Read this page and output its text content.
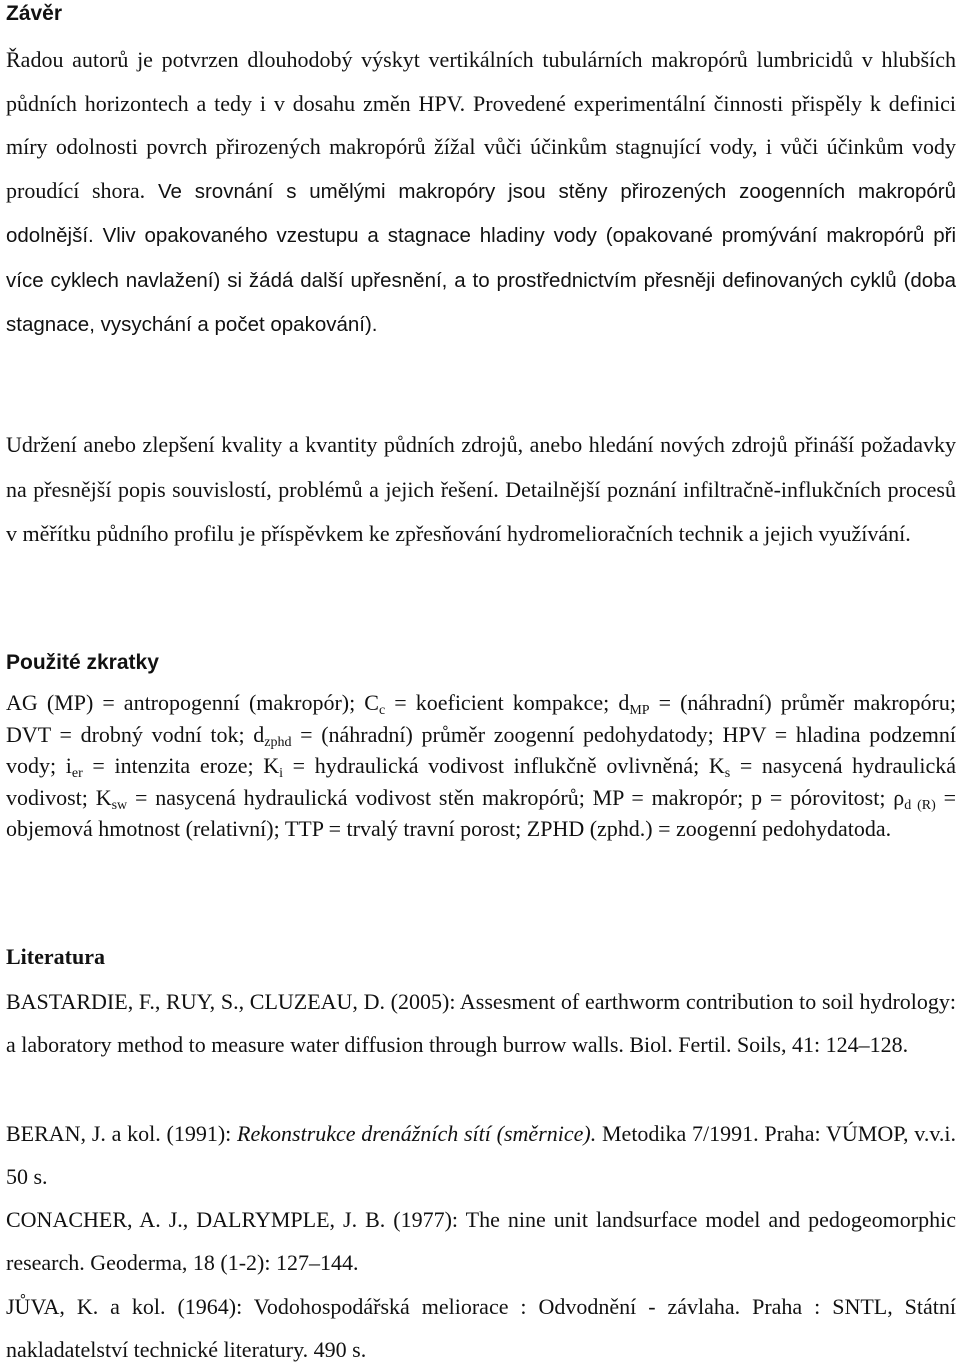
Závěr
Řadou autorů je potvrzen dlouhodobý výskyt vertikálních tubulárních makropórů lumbricidů v hlubších půdních horizontech a tedy i v dosahu změn HPV. Provedené experimentální činnosti přispěly k definici míry odolnosti povrch přirozených makropórů žížal vůči účinkům stagnující vody, i vůči účinkům vody proudící shora. Ve srovnání s umělými makropóry jsou stěny přirozených zoogenních makropórů odolnější. Vliv opakovaného vzestupu a stagnace hladiny vody (opakované promývání makropórů při více cyklech navlažení) si žádá další upřesnění, a to prostřednictvím přesněji definovaných cyklů (doba stagnace, vysychání a počet opakování).
Udržení anebo zlepšení kvality a kvantity půdních zdrojů, anebo hledání nových zdrojů přináší požadavky na přesnější popis souvislostí, problémů a jejich řešení. Detailnější poznání infiltračně-influkčních procesů v měřítku půdního profilu je příspěvkem ke zpřesňování hydromelioračních technik a jejich využívání.
Použité zkratky
AG (MP) = antropogenní (makropór); $C_c$ = koeficient kompakce; $d_{MP}$ = (náhradní) průměr makropóru; DVT = drobný vodní tok; $d_{zphd}$ = (náhradní) průměr zoogenní pedohydatody; HPV = hladina podzemní vody; $i_{er}$ = intenzita eroze; $K_i$ = hydraulická vodivost influkčně ovlivněná; $K_s$ = nasycená hydraulická vodivost; $K_{sw}$ = nasycená hydraulická vodivost stěn makropórů; MP = makropór; p = pórovitost; $\rho_{d (R)}$ = objemová hmotnost (relativní); TTP = trvalý travní porost; ZPHD (zphd.) = zoogenní pedohydatoda.
Literatura
BASTARDIE, F., RUY, S., CLUZEAU, D. (2005): Assesment of earthworm contribution to soil hydrology: a laboratory method to measure water diffusion through burrow walls. Biol. Fertil. Soils, 41: 124–128.
BERAN, J. a kol. (1991): Rekonstrukce drenážních sítí (směrnice). Metodika 7/1991. Praha: VÚMOP, v.v.i. 50 s.
CONACHER, A. J., DALRYMPLE, J. B. (1977): The nine unit landsurface model and pedogeomorphic research. Geoderma, 18 (1-2): 127–144.
JŮVA, K. a kol. (1964): Vodohospodářská meliorace : Odvodnění - závlaha. Praha : SNTL, Státní nakladatelství technické literatury. 490 s.
